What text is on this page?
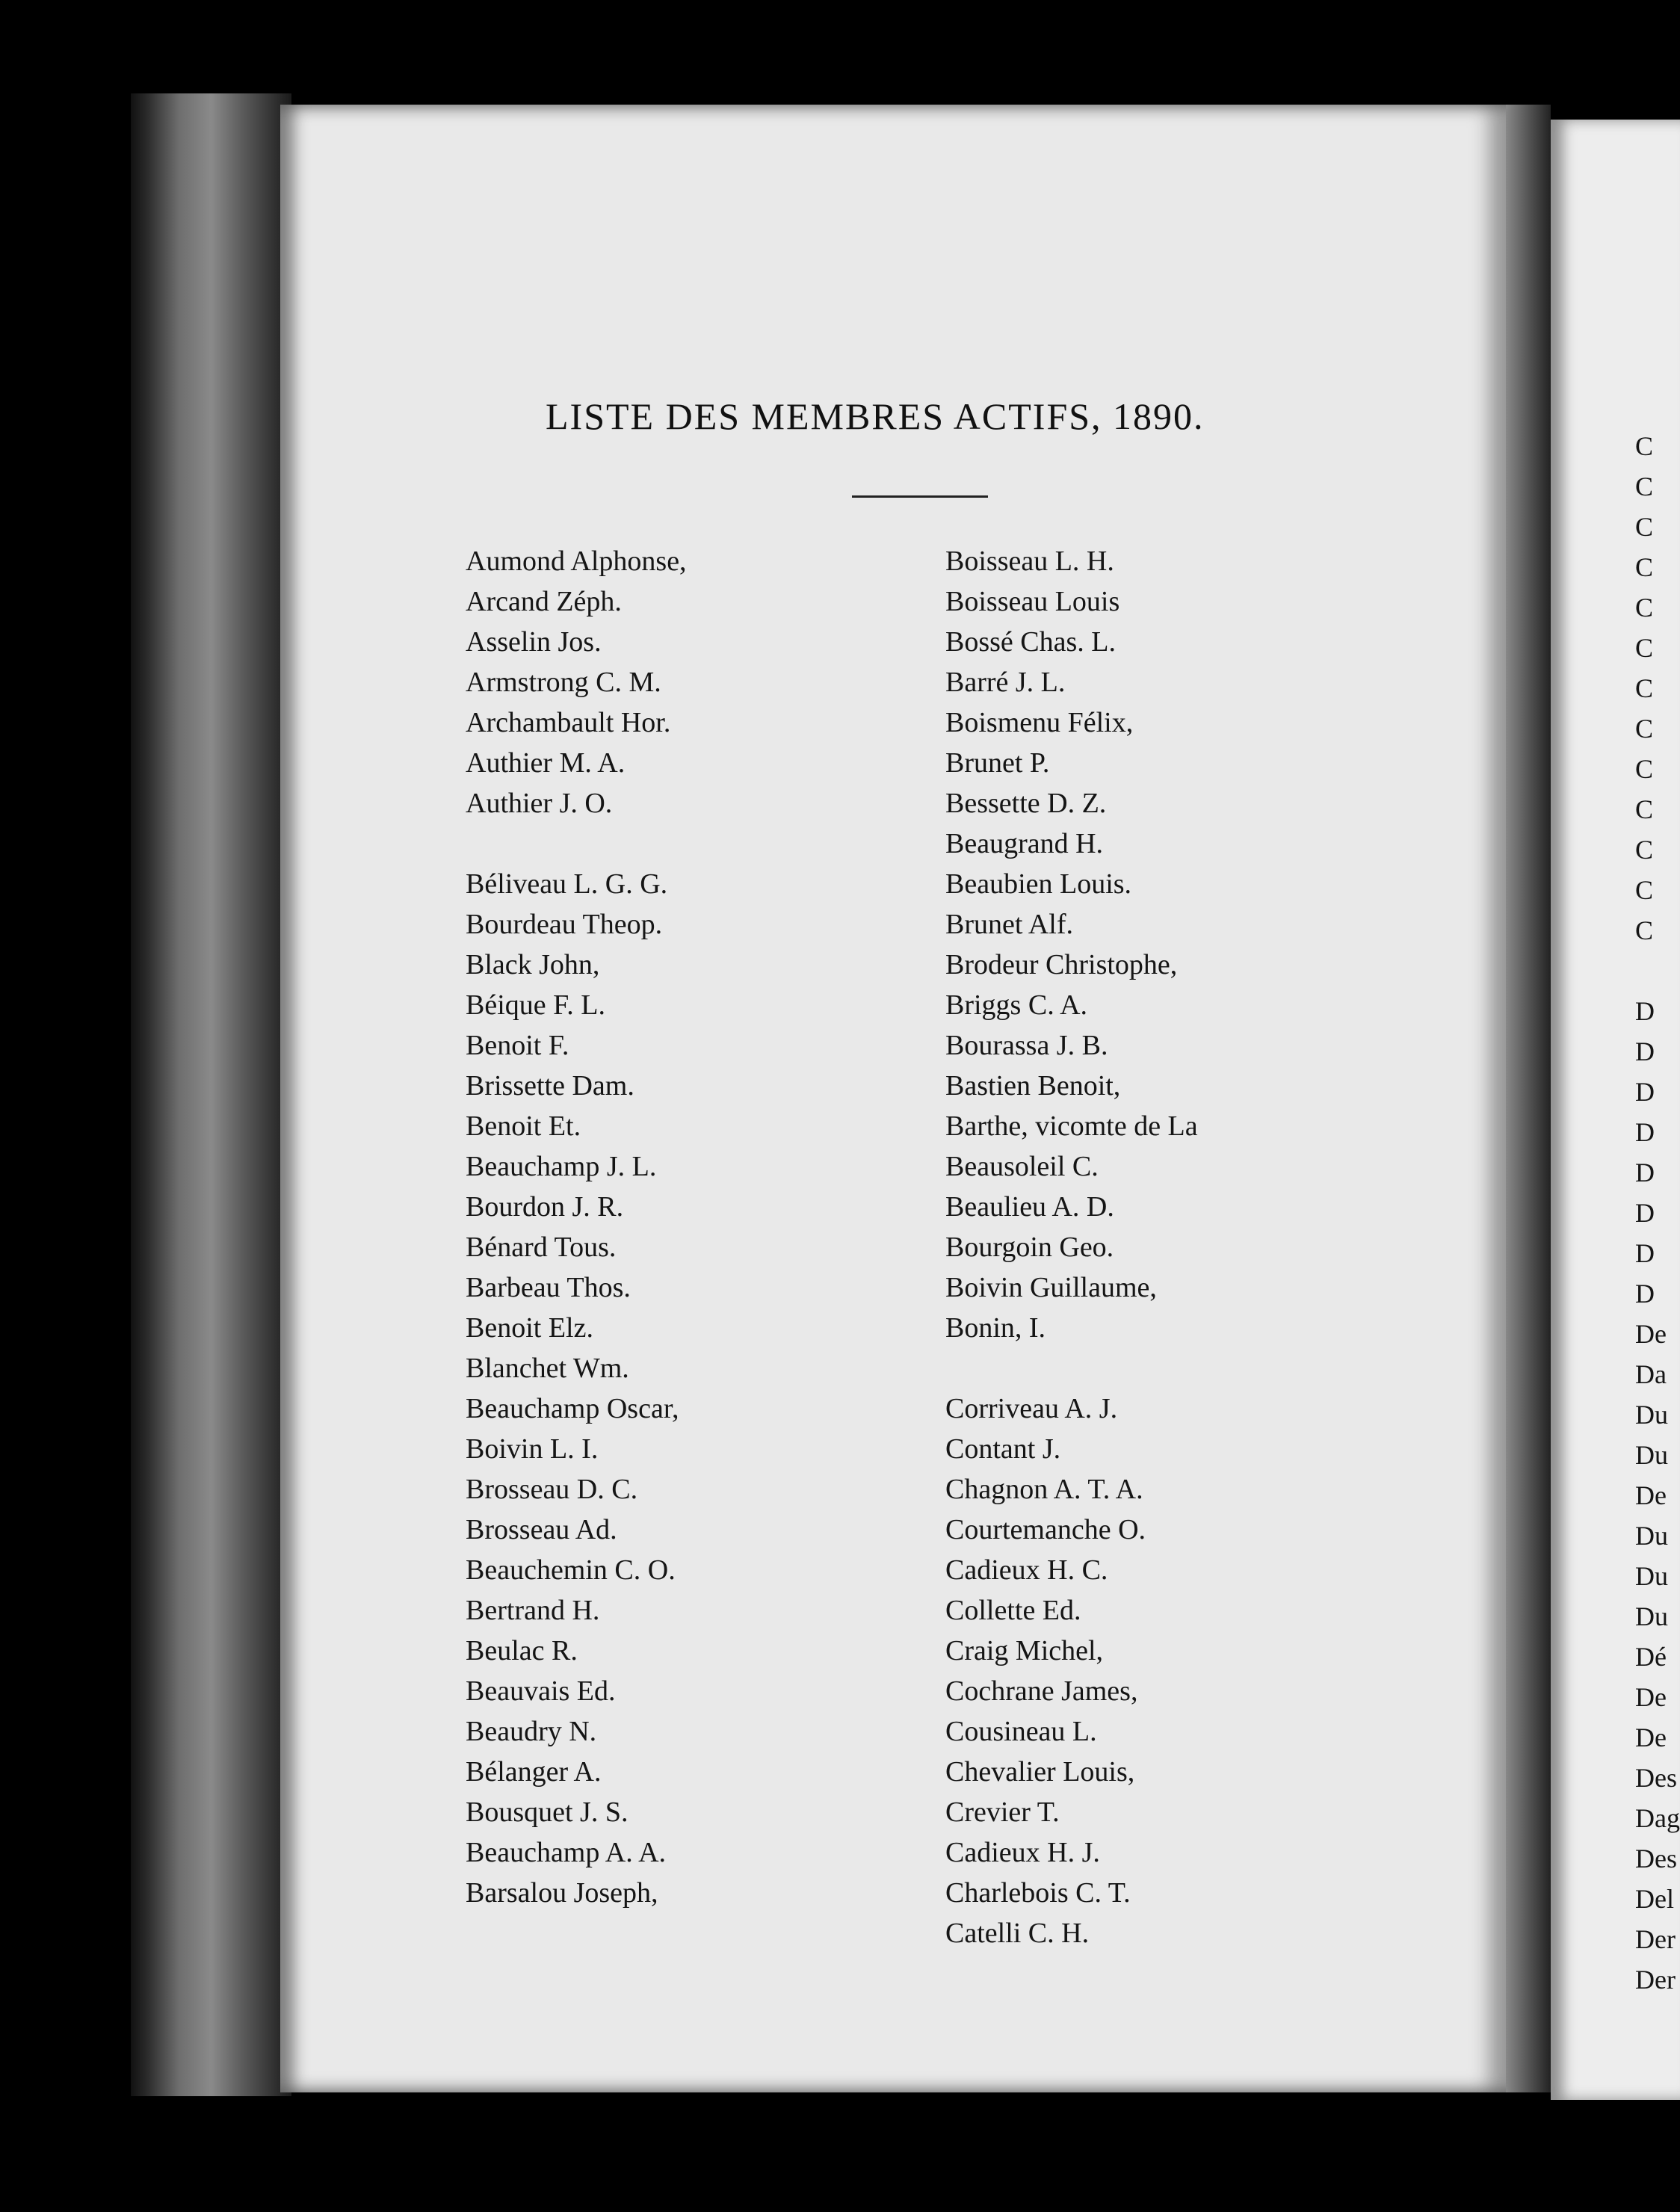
LISTE DES MEMBRES ACTIFS, 1890.
Aumond Alphonse,
Arcand Zéph.
Asselin Jos.
Armstrong C. M.
Archambault Hor.
Authier M. A.
Authier J. O.
Béliveau L. G. G.
Bourdeau Theop.
Black John,
Béique F. L.
Benoit F.
Brissette Dam.
Benoit Et.
Beauchamp J. L.
Bourdon J. R.
Bénard Tous.
Barbeau Thos.
Benoit Elz.
Blanchet Wm.
Beauchamp Oscar,
Boivin L. I.
Brosseau D. C.
Brosseau Ad.
Beauchemin C. O.
Bertrand H.
Beulac R.
Beauvais Ed.
Beaudry N.
Bélanger A.
Bousquet J. S.
Beauchamp A. A.
Barsalou Joseph,
Boisseau L. H.
Boisseau Louis
Bossé Chas. L.
Barré J. L.
Boismenu Félix,
Brunet P.
Bessette D. Z.
Beaugrand H.
Beaubien Louis.
Brunet Alf.
Brodeur Christophe,
Briggs C. A.
Bourassa J. B.
Bastien Benoit,
Barthe, vicomte de La
Beausoleil C.
Beaulieu A. D.
Bourgoin Geo.
Boivin Guillaume,
Bonin, I.
Corriveau A. J.
Contant J.
Chagnon A. T. A.
Courtemanche O.
Cadieux H. C.
Collette Ed.
Craig Michel,
Cochrane James,
Cousineau L.
Chevalier Louis,
Crevier T.
Cadieux H. J.
Charlebois C. T.
Catelli C. H.
C
C
C
C
C
C
C
C
C
C
C
C
C
D
D
D
D
D
D
D
D
De
Da
Du
Du
De
Du
Du
Du
Dé
De
De
Des
Dag
Des
Del
Der
Der
